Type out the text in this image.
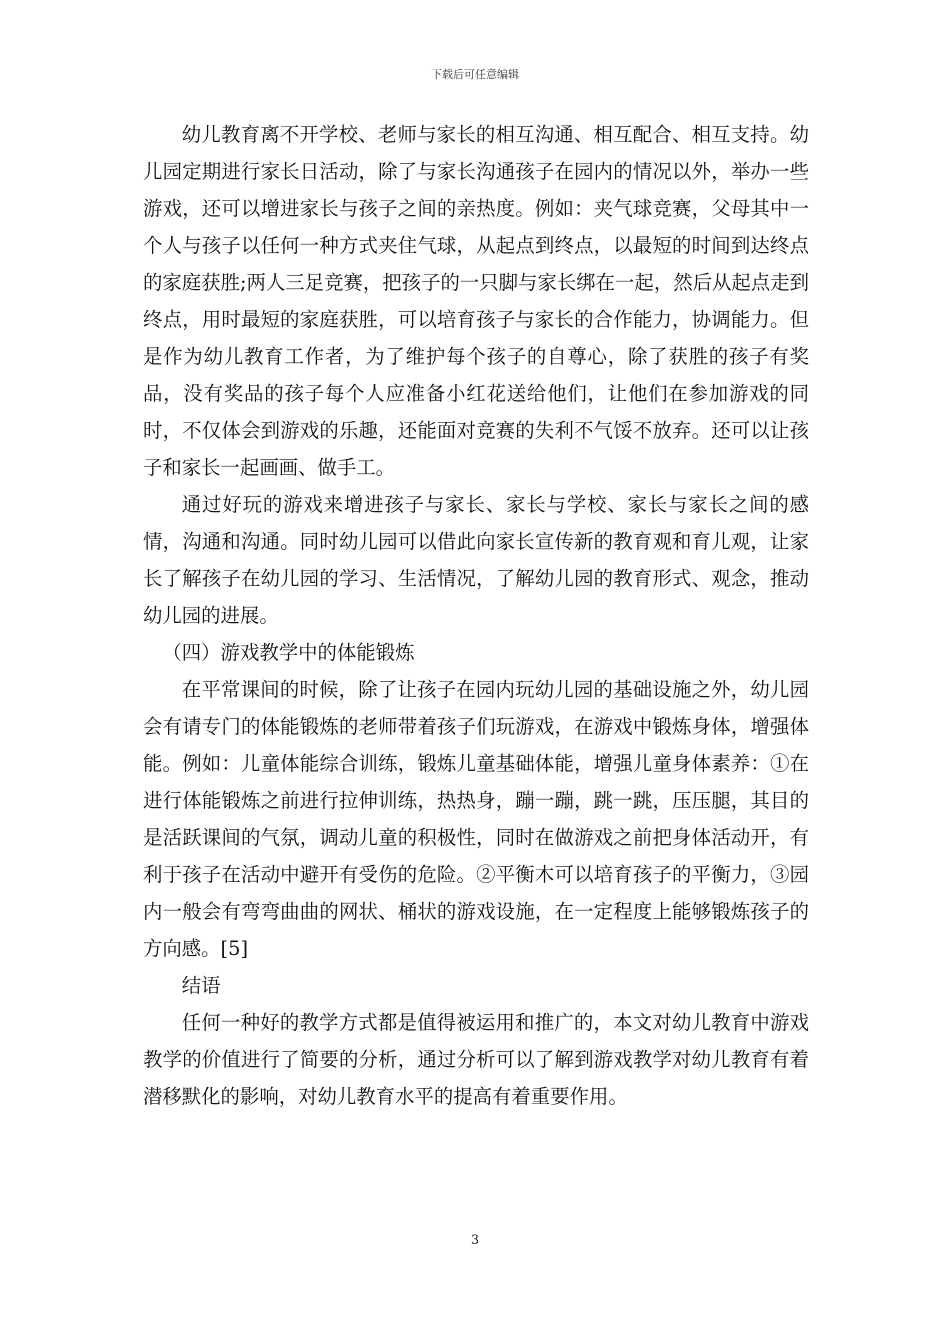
下载后可任意编辑

幼儿教育离不开学校、老师与家长的相互沟通、相互配合、相互支持。幼儿园定期进行家长日活动，除了与家长沟通孩子在园内的情况以外，举办一些游戏，还可以增进家长与孩子之间的亲热度。例如：夹气球竞赛，父母其中一个人与孩子以任何一种方式夹住气球，从起点到终点，以最短的时间到达终点的家庭获胜;两人三足竞赛，把孩子的一只脚与家长绑在一起，然后从起点走到终点，用时最短的家庭获胜，可以培育孩子与家长的合作能力，协调能力。但是作为幼儿教育工作者，为了维护每个孩子的自尊心，除了获胜的孩子有奖品，没有奖品的孩子每个人应准备小红花送给他们，让他们在参加游戏的同时，不仅体会到游戏的乐趣，还能面对竞赛的失利不气馁不放弃。还可以让孩子和家长一起画画、做手工。

通过好玩的游戏来增进孩子与家长、家长与学校、家长与家长之间的感情，沟通和沟通。同时幼儿园可以借此向家长宣传新的教育观和育儿观，让家长了解孩子在幼儿园的学习、生活情况，了解幼儿园的教育形式、观念，推动幼儿园的进展。

（四）游戏教学中的体能锻炼

在平常课间的时候，除了让孩子在园内玩幼儿园的基础设施之外，幼儿园会有请专门的体能锻炼的老师带着孩子们玩游戏，在游戏中锻炼身体，增强体能。例如：儿童体能综合训练，锻炼儿童基础体能，增强儿童身体素养：①在进行体能锻炼之前进行拉伸训练，热热身，蹦一蹦，跳一跳，压压腿，其目的是活跃课间的气氛，调动儿童的积极性，同时在做游戏之前把身体活动开，有利于孩子在活动中避开有受伤的危险。②平衡木可以培育孩子的平衡力，③园内一般会有弯弯曲曲的网状、桶状的游戏设施，在一定程度上能够锻炼孩子的方向感。[5]

结语

任何一种好的教学方式都是值得被运用和推广的，本文对幼儿教育中游戏教学的价值进行了简要的分析，通过分析可以了解到游戏教学对幼儿教育有着潜移默化的影响，对幼儿教育水平的提高有着重要作用。

3
